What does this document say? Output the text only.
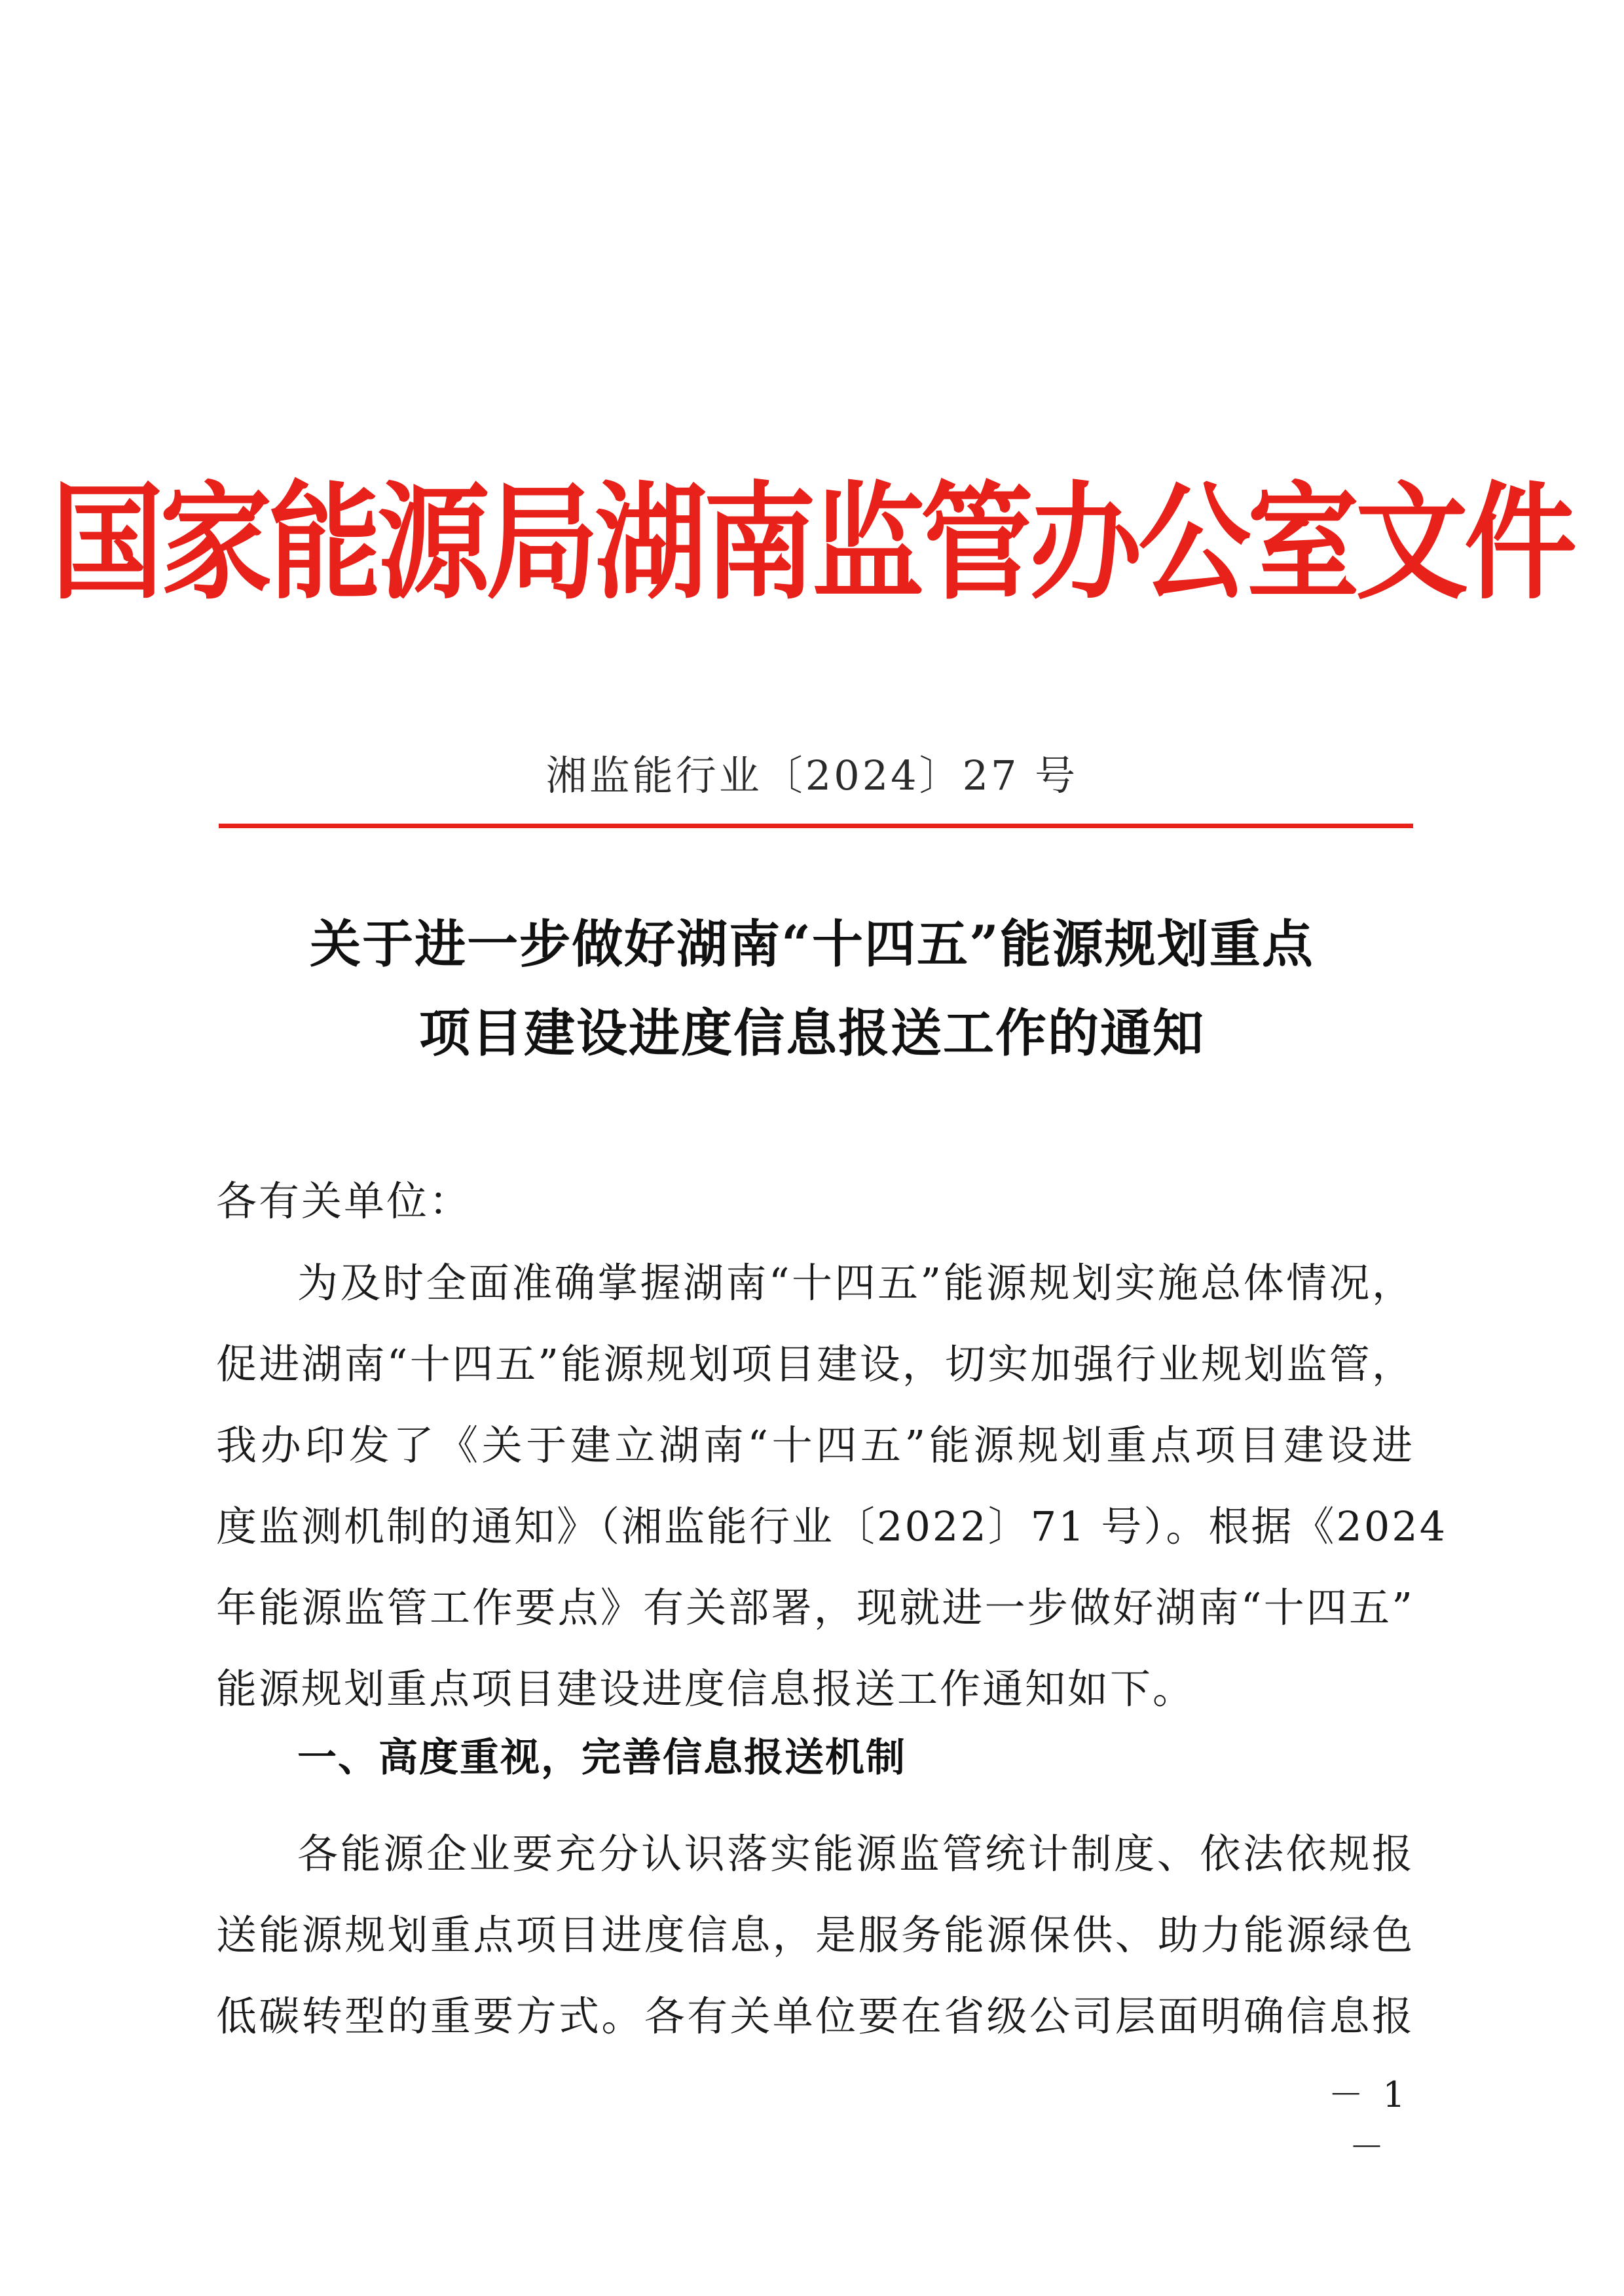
国家能源局湖南监管办公室文件
湘监能行业〔2024〕27 号
关于进一步做好湖南“十四五”能源规划重点
项目建设进度信息报送工作的通知
各有关单位：
为及时全面准确掌握湖南“十四五”能源规划实施总体情况，
促进湖南“十四五”能源规划项目建设，切实加强行业规划监管，
我办印发了《关于建立湖南“十四五”能源规划重点项目建设进
度监测机制的通知》（湘监能行业〔2022〕71 号）。根据《2024
年能源监管工作要点》有关部署，现就进一步做好湖南“十四五”
能源规划重点项目建设进度信息报送工作通知如下。
一、高度重视，完善信息报送机制
各能源企业要充分认识落实能源监管统计制度、依法依规报
送能源规划重点项目进度信息，是服务能源保供、助力能源绿色
低碳转型的重要方式。各有关单位要在省级公司层面明确信息报
－ 1 －
